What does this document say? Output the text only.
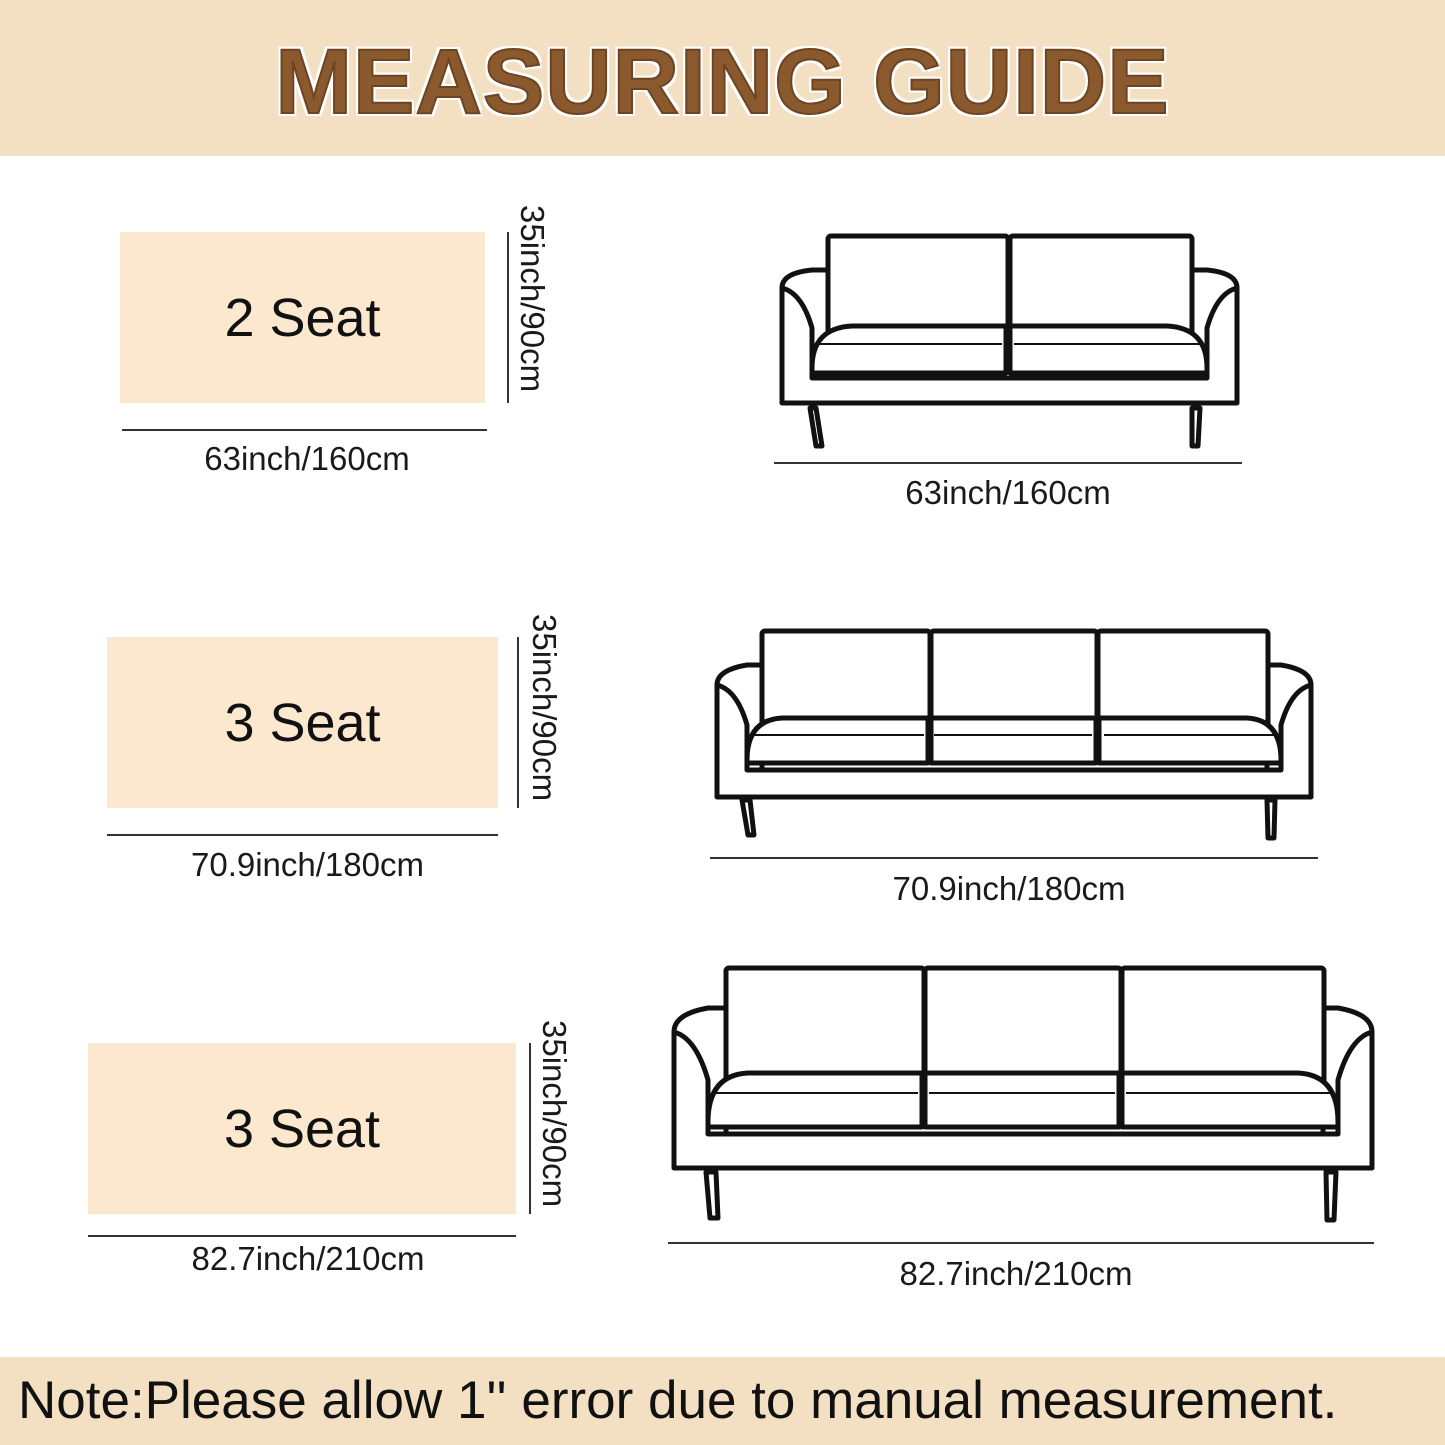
MEASURING GUIDE
2 Seat
63inch/160cm
35inch/90cm
63inch/160cm
3 Seat
70.9inch/180cm
35inch/90cm
70.9inch/180cm
3 Seat
82.7inch/210cm
35inch/90cm
82.7inch/210cm
Note:Please allow 1'' error due to manual measurement.
